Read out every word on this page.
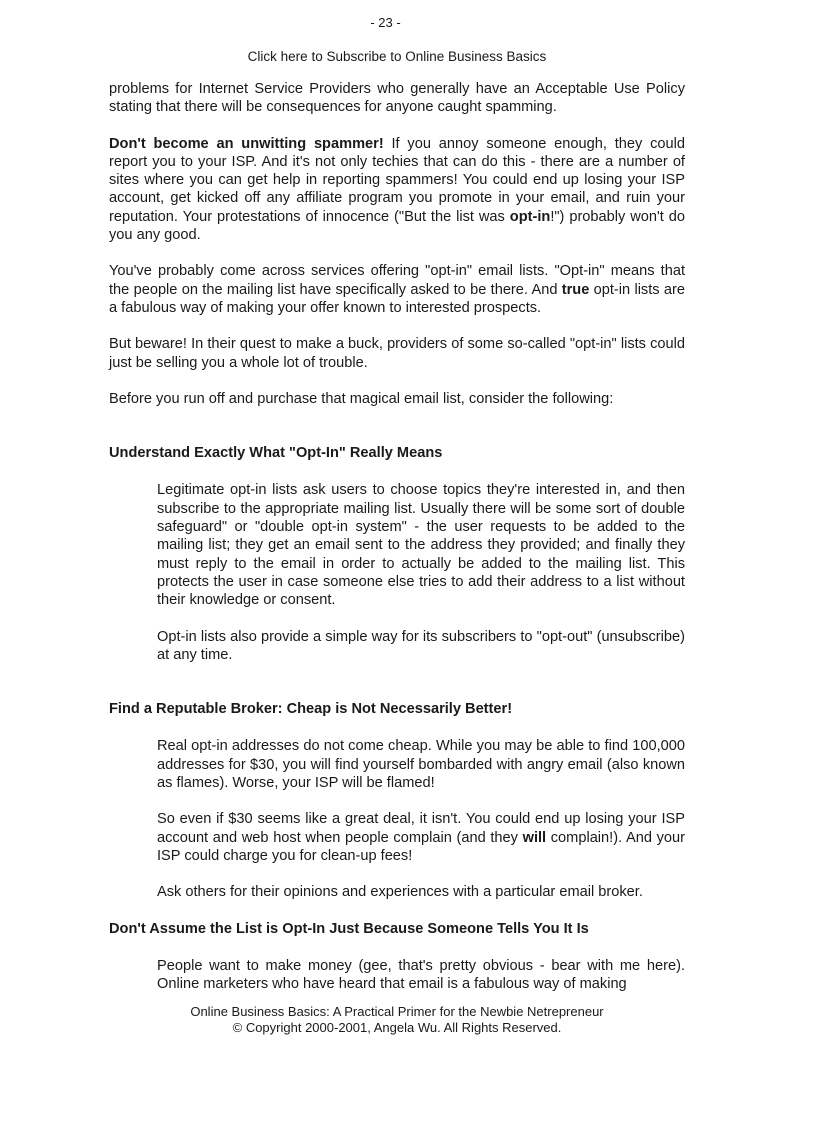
- 23 -
Click here to Subscribe to Online Business Basics

problems for Internet Service Providers who generally have an Acceptable Use Policy stating that there will be consequences for anyone caught spamming.

Don't become an unwitting spammer! If you annoy someone enough, they could report you to your ISP. And it's not only techies that can do this - there are a number of sites where you can get help in reporting spammers! You could end up losing your ISP account, get kicked off any affiliate program you promote in your email, and ruin your reputation. Your protestations of innocence ("But the list was opt-in!") probably won't do you any good.

You've probably come across services offering "opt-in" email lists. "Opt-in" means that the people on the mailing list have specifically asked to be there. And true opt-in lists are a fabulous way of making your offer known to interested prospects.

But beware! In their quest to make a buck, providers of some so-called "opt-in" lists could just be selling you a whole lot of trouble.

Before you run off and purchase that magical email list, consider the following:

Understand Exactly What "Opt-In" Really Means

Legitimate opt-in lists ask users to choose topics they're interested in, and then subscribe to the appropriate mailing list. Usually there will be some sort of double safeguard" or "double opt-in system" - the user requests to be added to the mailing list; they get an email sent to the address they provided; and finally they must reply to the email in order to actually be added to the mailing list. This protects the user in case someone else tries to add their address to a list without their knowledge or consent.

Opt-in lists also provide a simple way for its subscribers to "opt-out" (unsubscribe) at any time.

Find a Reputable Broker: Cheap is Not Necessarily Better!

Real opt-in addresses do not come cheap. While you may be able to find 100,000 addresses for $30, you will find yourself bombarded with angry email (also known as flames). Worse, your ISP will be flamed!

So even if $30 seems like a great deal, it isn't. You could end up losing your ISP account and web host when people complain (and they will complain!). And your ISP could charge you for clean-up fees!

Ask others for their opinions and experiences with a particular email broker.

Don't Assume the List is Opt-In Just Because Someone Tells You It Is

People want to make money (gee, that's pretty obvious - bear with me here). Online marketers who have heard that email is a fabulous way of making

Online Business Basics: A Practical Primer for the Newbie Netrepreneur
© Copyright 2000-2001, Angela Wu. All Rights Reserved.
